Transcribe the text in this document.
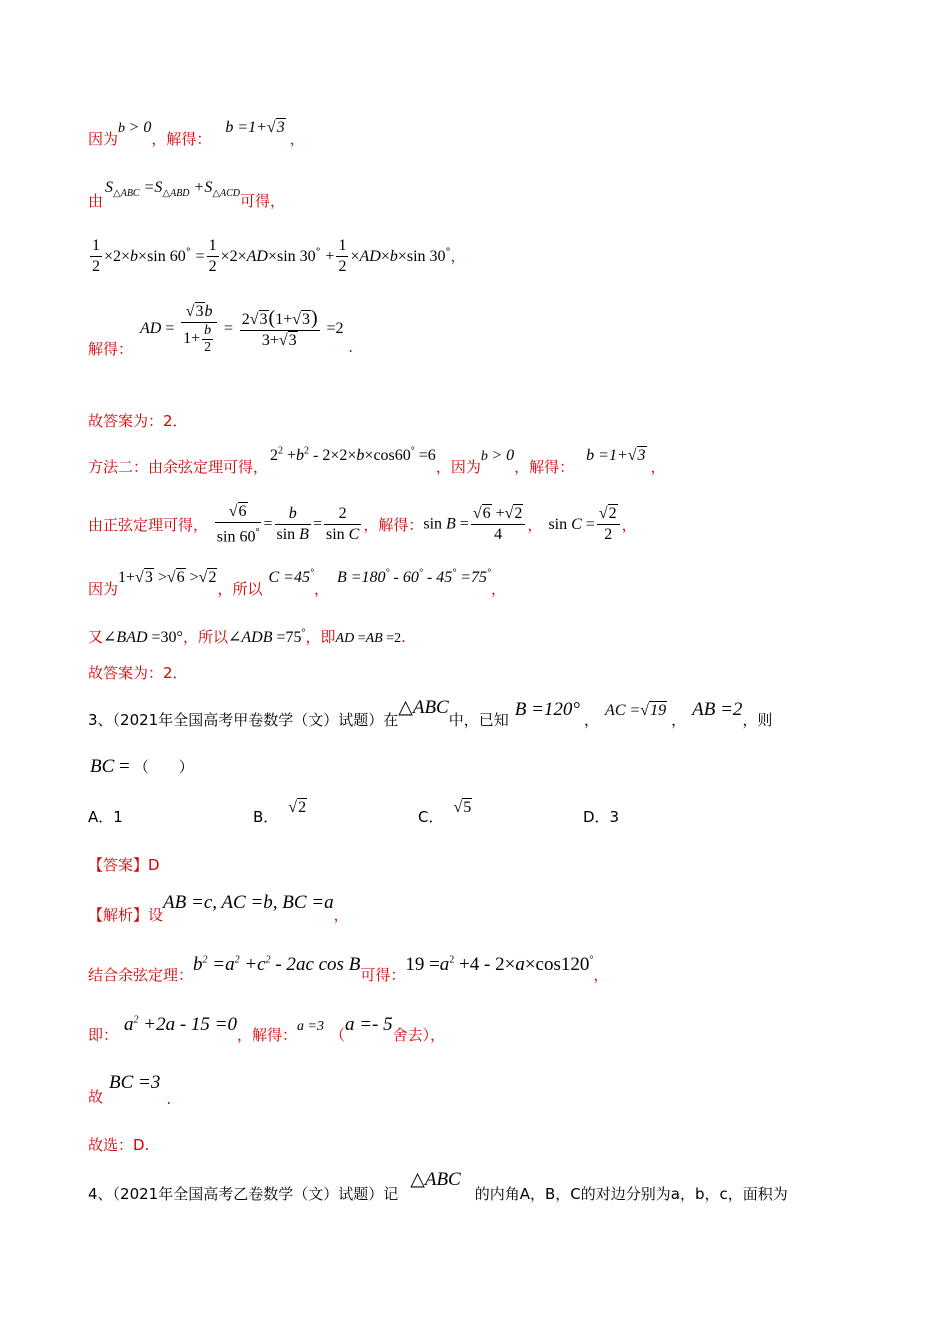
因为b > 0，解得：b =1+√3，
由$S_{\triangle ABC} =S_{\triangle ABD} +S_{\triangle ACD}$可得，
$\frac{1}{2} \times 2\times b\times\sin$ $60^\circ = \frac{1}{2} \times 2\times AD\times\sin$ $30^\circ + \frac{1}{2} \times AD\times b\times\sin$ 30°，
解得：
AD = $\frac{√3b}{1+ \frac{b}{2}} = \frac{2√3(1+√3)}{3+√3} =2$ .
故答案为：2．
方法二：由余弦定理可得，$2^2 +b^2 - 2\times 2\times b\times\cos 60^\circ =6$，因为b > 0，解得：b =1+√3，
由正弦定理可得， $\frac{√6}{\sin 60^\circ} = \frac{b}{\text{sin B}} = \frac{2}{\text{sin C}}$ ，解得：$\sin B = \frac{√6 +√2}{4}$ ， $\sin C = \frac{√2}{2}$ ，
因为1+√3 >√6 >√2，所以C =45°，B =180° - 60° - 45° =75°，
又∠BAD =30°，所以∠ADB =75°，即AD =AB =2.
故答案为：2．
3、（2021年全国高考甲卷数学（文）试题）在△ABC中，已知 B =120° ，AC =√19， AB =2，则
BC = （　　）
A．1	B．√2
C．√5
D．3
【答案】D
【解析】设AB =c, AC =b, BC =a，
结合余弦定理：$b^2 =a^2 +c^2 - 2ac$ cos B可得：$19 =a^2 +4 - 2\times a\times\cos 120^\circ$，
即： $a^2 +2a - 15 =0$，解得：a =3 （a =- 5舍去），
故BC =3.
故选：D.
4、（2021年全国高考乙卷数学（文）试题）记△ABC的内角A，B，C的对边分别为a，b，c，面积为
